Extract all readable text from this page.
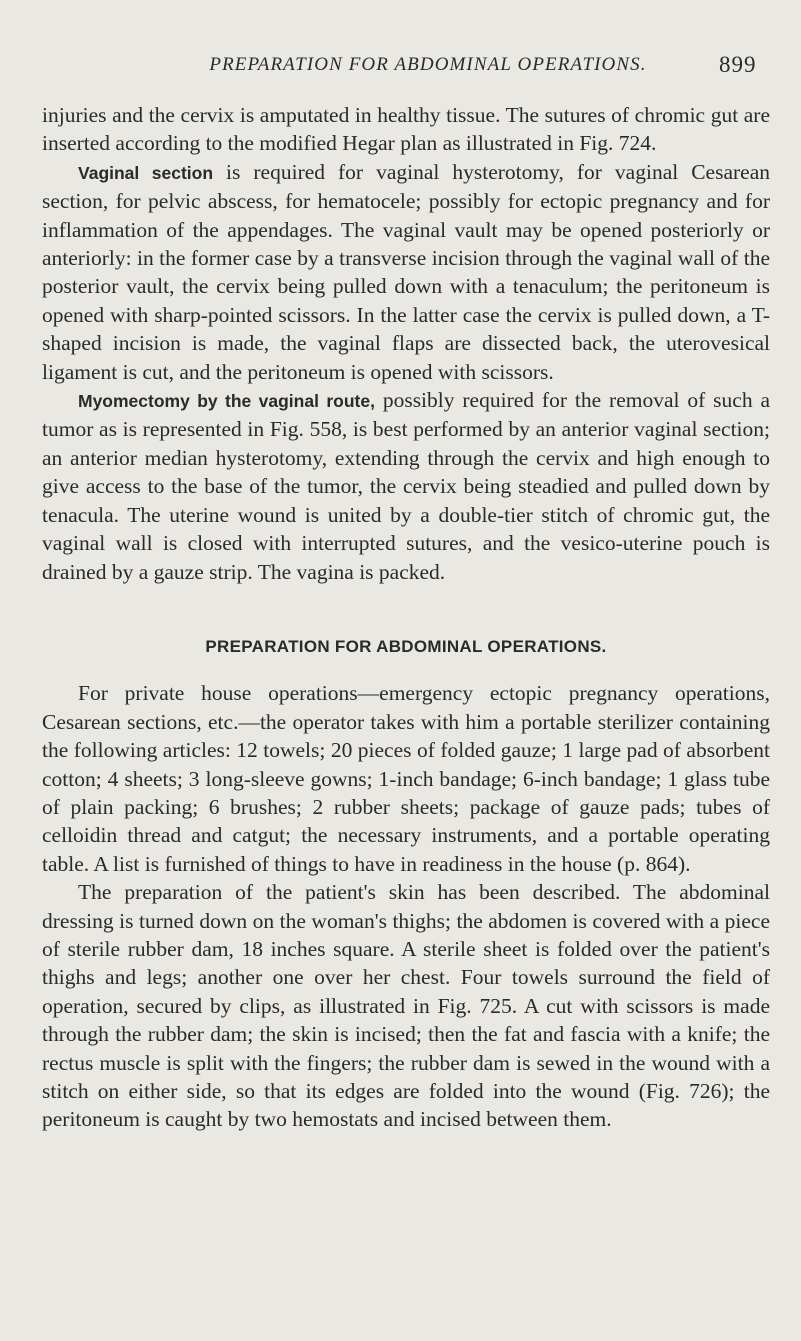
PREPARATION FOR ABDOMINAL OPERATIONS.	899

injuries and the cervix is amputated in healthy tissue. The sutures of chromic gut are inserted according to the modified Hegar plan as illustrated in Fig. 724.

Vaginal section is required for vaginal hysterotomy, for vaginal Cesarean section, for pelvic abscess, for hematocele; possibly for ectopic pregnancy and for inflammation of the appendages. The vaginal vault may be opened posteriorly or anteriorly: in the former case by a transverse incision through the vaginal wall of the posterior vault, the cervix being pulled down with a tenaculum; the peritoneum is opened with sharp-pointed scissors. In the latter case the cervix is pulled down, a T-shaped incision is made, the vaginal flaps are dissected back, the uterovesical ligament is cut, and the peritoneum is opened with scissors.

Myomectomy by the vaginal route, possibly required for the removal of such a tumor as is represented in Fig. 558, is best performed by an anterior vaginal section; an anterior median hysterotomy, extending through the cervix and high enough to give access to the base of the tumor, the cervix being steadied and pulled down by tenacula. The uterine wound is united by a double-tier stitch of chromic gut, the vaginal wall is closed with interrupted sutures, and the vesico-uterine pouch is drained by a gauze strip. The vagina is packed.

PREPARATION FOR ABDOMINAL OPERATIONS.

For private house operations—emergency ectopic pregnancy operations, Cesarean sections, etc.—the operator takes with him a portable sterilizer containing the following articles: 12 towels; 20 pieces of folded gauze; 1 large pad of absorbent cotton; 4 sheets; 3 long-sleeve gowns; 1-inch bandage; 6-inch bandage; 1 glass tube of plain packing; 6 brushes; 2 rubber sheets; package of gauze pads; tubes of celloidin thread and catgut; the necessary instruments, and a portable operating table. A list is furnished of things to have in readiness in the house (p. 864).

The preparation of the patient's skin has been described. The abdominal dressing is turned down on the woman's thighs; the abdomen is covered with a piece of sterile rubber dam, 18 inches square. A sterile sheet is folded over the patient's thighs and legs; another one over her chest. Four towels surround the field of operation, secured by clips, as illustrated in Fig. 725. A cut with scissors is made through the rubber dam; the skin is incised; then the fat and fascia with a knife; the rectus muscle is split with the fingers; the rubber dam is sewed in the wound with a stitch on either side, so that its edges are folded into the wound (Fig. 726); the peritoneum is caught by two hemostats and incised between them.
